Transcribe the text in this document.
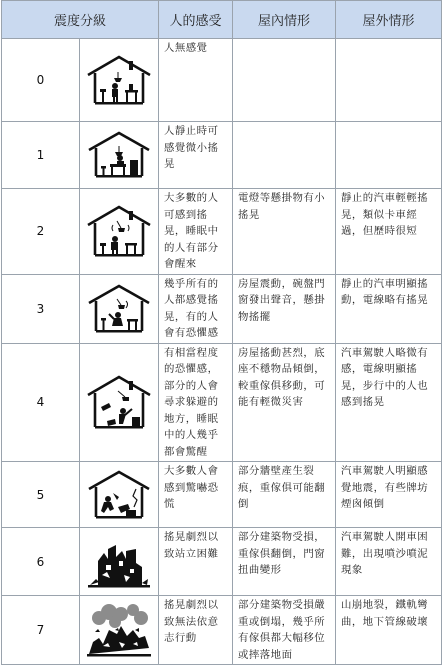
震度分級		人的感受	屋內情形	屋外情形
0		人無感覺		
1		人靜止時可感覺微小搖晃		
2		大多數的人可感到搖晃，睡眠中的人有部分會醒來	電燈等懸掛物有小搖晃	靜止的汽車輕輕搖晃，類似卡車經過，但歷時很短
3		幾乎所有的人都感覺搖晃，有的人會有恐懼感	房屋震動，碗盤門窗發出聲音，懸掛物搖擺	靜止的汽車明顯搖動，電線略有搖晃
4		有相當程度的恐懼感，部分的人會尋求躲避的地方，睡眠中的人幾乎都會驚醒	房屋搖動甚烈，底座不穩物品傾倒，較重傢俱移動，可能有輕微災害	汽車駕駛人略微有感，電線明顯搖晃，步行中的人也感到搖晃
5		大多數人會感到驚嚇恐慌	部分牆壁產生裂痕，重傢俱可能翻倒	汽車駕駛人明顯感覺地震，有些牌坊煙囪傾倒
6		搖晃劇烈以致站立困難	部分建築物受損，重傢俱翻倒，門窗扭曲變形	汽車駕駛人開車困難，出現噴沙噴泥現象
7		搖晃劇烈以致無法依意志行動	部分建築物受損嚴重或倒塌，幾乎所有傢俱都大幅移位或摔落地面	山崩地裂，鐵軌彎曲，地下管線破壞
